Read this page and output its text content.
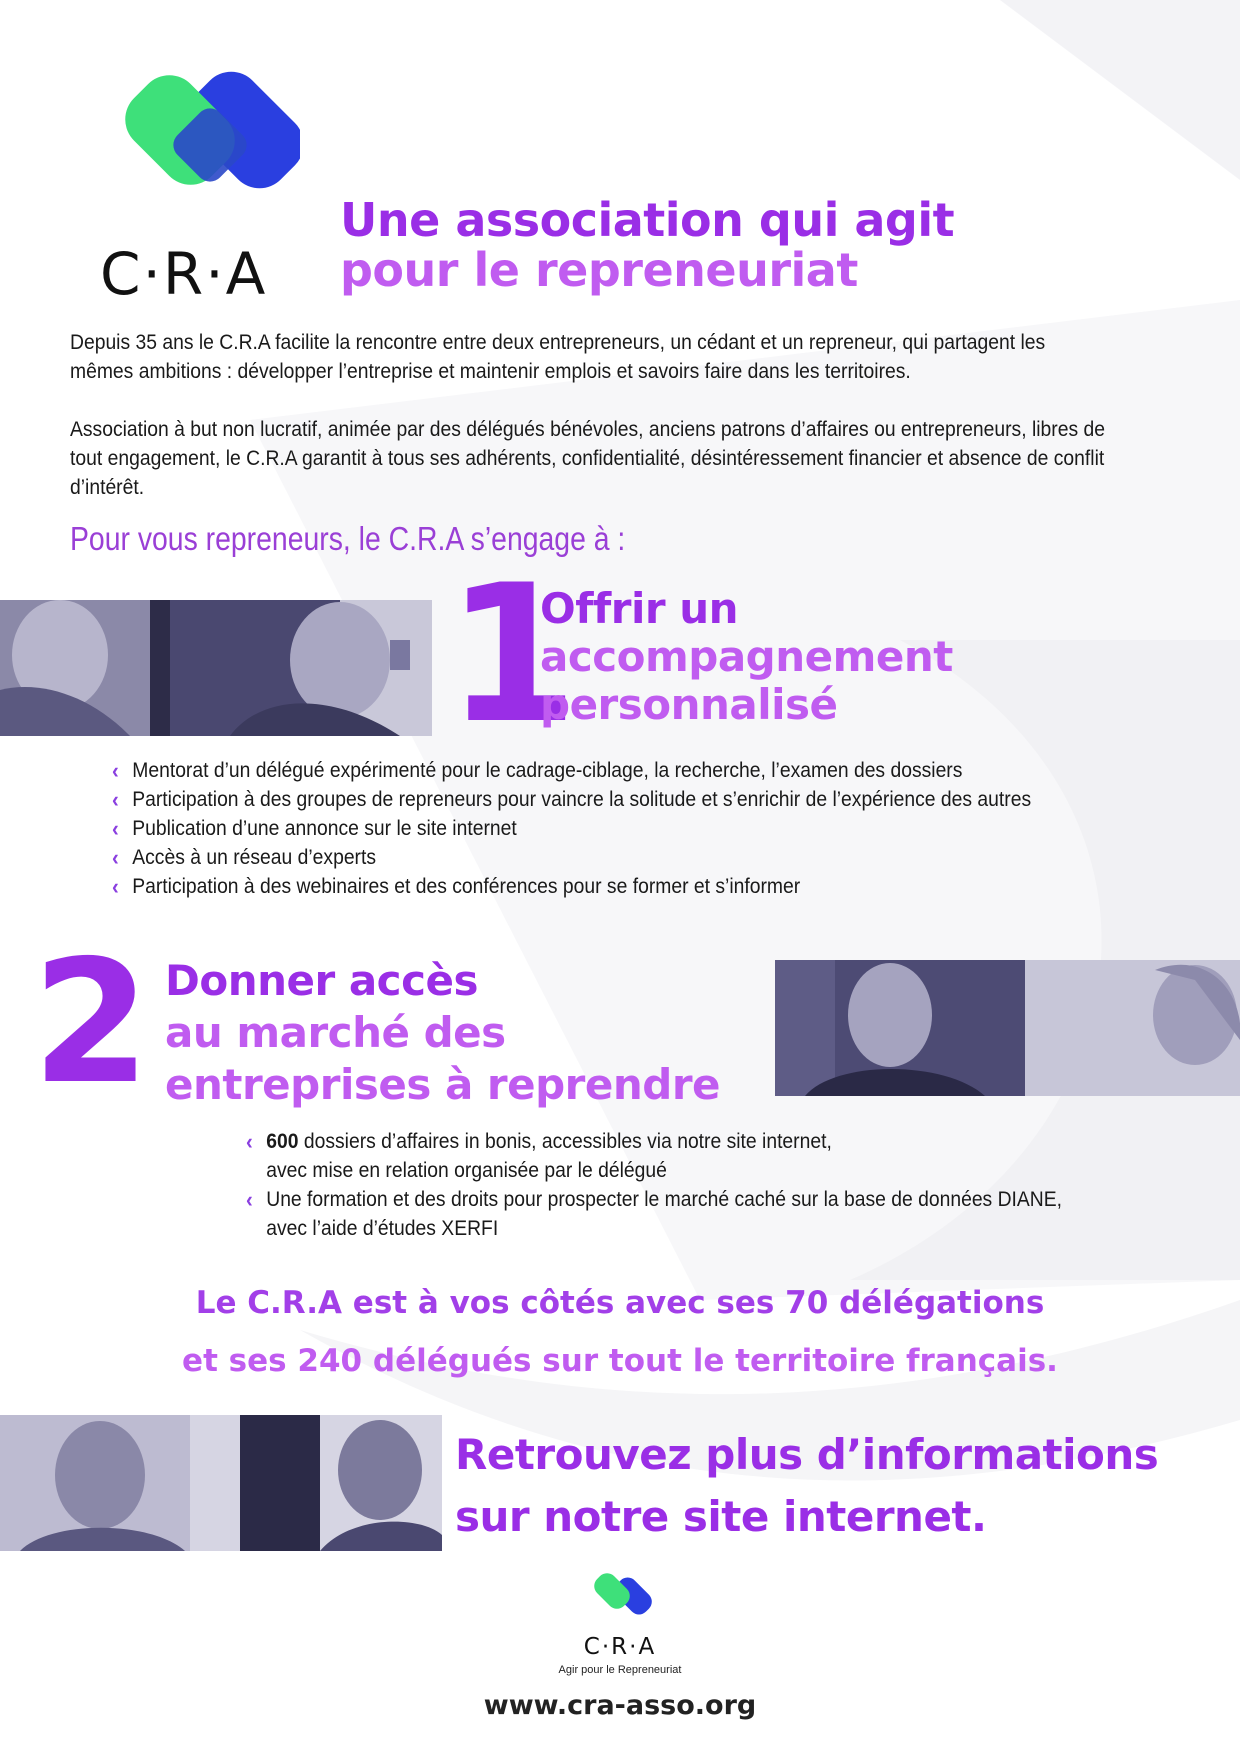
C·R·A
Une association qui agit
pour le repreneuriat
Depuis 35 ans le C.R.A facilite la rencontre entre deux entrepreneurs, un cédant et un repreneur, qui partagent les mêmes ambitions : développer l’entreprise et maintenir emplois et savoirs faire dans les territoires.
Association à but non lucratif, animée par des délégués bénévoles, anciens patrons d’affaires ou entrepreneurs, libres de tout engagement, le C.R.A garantit à tous ses adhérents, confidentialité, désintéressement financier et absence de conflit d’intérêt.
Pour vous repreneurs, le C.R.A s’engage à :
1
Offrir un
accompagnement
personnalisé
‹ Mentorat d’un délégué expérimenté pour le cadrage-ciblage, la recherche, l’examen des dossiers
‹ Participation à des groupes de repreneurs pour vaincre la solitude et s’enrichir de l’expérience des autres
‹ Publication d’une annonce sur le site internet
‹ Accès à un réseau d’experts
‹ Participation à des webinaires et des conférences pour se former et s’informer
2 Donner accès
au marché des
entreprises à reprendre
‹ 600 dossiers d’affaires in bonis, accessibles via notre site internet,
avec mise en relation organisée par le délégué
‹ Une formation et des droits pour prospecter le marché caché sur la base de données DIANE,
avec l’aide d’études XERFI
Le C.R.A est à vos côtés avec ses 70 délégations
et ses 240 délégués sur tout le territoire français.
Retrouvez plus d’informations
sur notre site internet.
C·R·A
Agir pour le Repreneuriat
www.cra-asso.org
